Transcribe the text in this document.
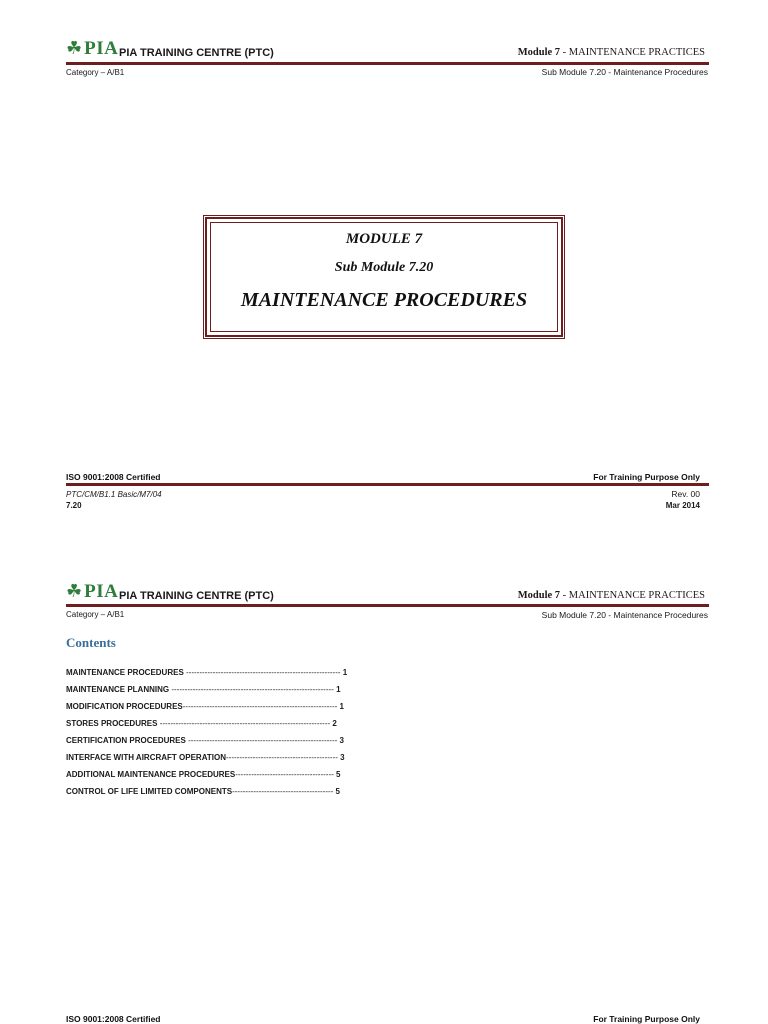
☘ PIA PIA TRAINING CENTRE (PTC)	Module 7 - MAINTENANCE PRACTICES
Category – A/B1	Sub Module 7.20 - Maintenance Procedures
MODULE 7
Sub Module 7.20
MAINTENANCE PROCEDURES
ISO 9001:2008 Certified	For Training Purpose Only
PTC/CM/B1.1 Basic/M7/04
7.20
Rev. 00
Mar 2014
☘ PIA PIA TRAINING CENTRE (PTC)	Module 7 - MAINTENANCE PRACTICES
Category – A/B1	Sub Module 7.20 - Maintenance Procedures
Contents
MAINTENANCE PROCEDURES ---------------------------------------------------------- 1
MAINTENANCE PLANNING ------------------------------------------------------------- 1
MODIFICATION PROCEDURES---------------------------------------------------------- 1
STORES PROCEDURES ---------------------------------------------------------------- 2
CERTIFICATION PROCEDURES -------------------------------------------------------- 3
INTERFACE WITH AIRCRAFT OPERATION------------------------------------------ 3
ADDITIONAL MAINTENANCE PROCEDURES------------------------------------- 5
CONTROL OF LIFE LIMITED COMPONENTS-------------------------------------- 5
ISO 9001:2008 Certified	For Training Purpose Only
